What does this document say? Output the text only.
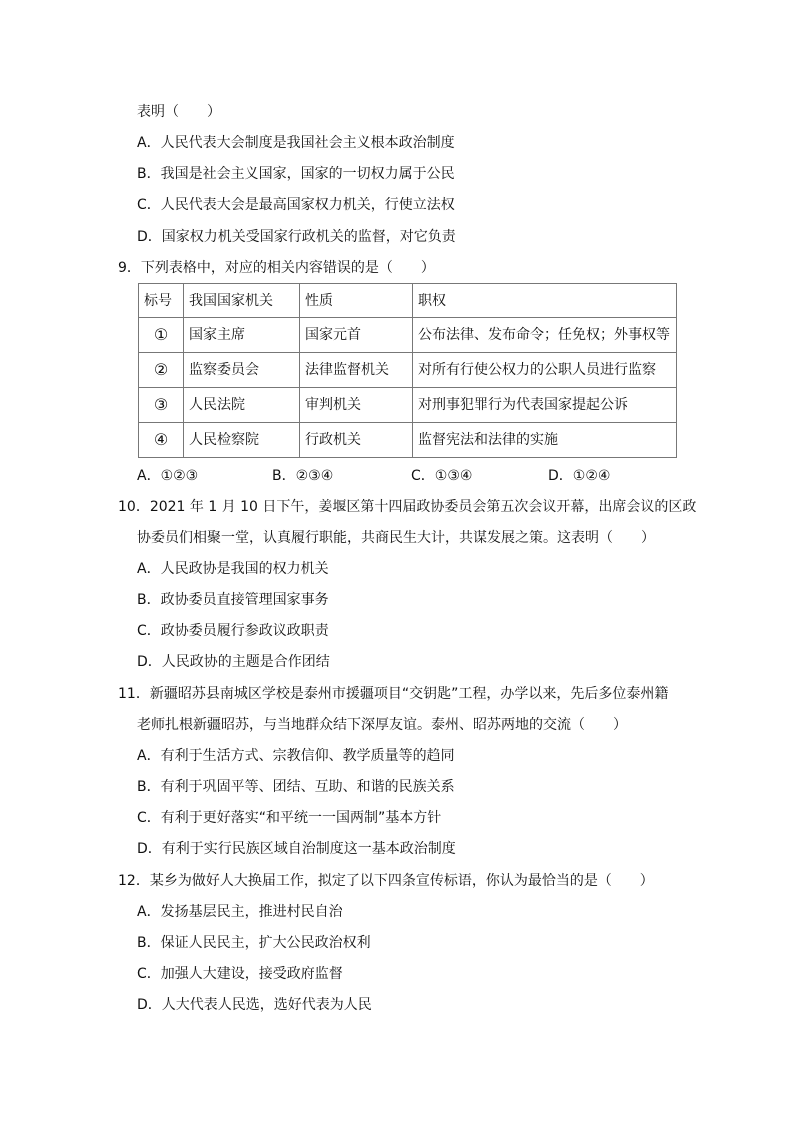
表明（　　）
A．人民代表大会制度是我国社会主义根本政治制度
B．我国是社会主义国家，国家的一切权力属于公民
C．人民代表大会是最高国家权力机关，行使立法权
D．国家权力机关受国家行政机关的监督，对它负责
9．下列表格中，对应的相关内容错误的是（　　）
标号	我国国家机关	性质	职权
①	国家主席	国家元首	公布法律、发布命令；任免权；外事权等
②	监察委员会	法律监督机关	对所有行使公权力的公职人员进行监察
③	人民法院	审判机关	对刑事犯罪行为代表国家提起公诉
④	人民检察院	行政机关	监督宪法和法律的实施
A．①②③	B．②③④	C．①③④	D．①②④
10．2021 年 1 月 10 日下午，姜堰区第十四届政协委员会第五次会议开幕，出席会议的区政
协委员们相聚一堂，认真履行职能，共商民生大计，共谋发展之策。这表明（　　）
A．人民政协是我国的权力机关
B．政协委员直接管理国家事务
C．政协委员履行参政议政职责
D．人民政协的主题是合作团结
11．新疆昭苏县南城区学校是泰州市援疆项目“交钥匙”工程，办学以来，先后多位泰州籍
老师扎根新疆昭苏，与当地群众结下深厚友谊。泰州、昭苏两地的交流（　　）
A．有利于生活方式、宗教信仰、教学质量等的趋同
B．有利于巩固平等、团结、互助、和谐的民族关系
C．有利于更好落实“和平统一一国两制”基本方针
D．有利于实行民族区域自治制度这一基本政治制度
12．某乡为做好人大换届工作，拟定了以下四条宣传标语，你认为最恰当的是（　　）
A．发扬基层民主，推进村民自治
B．保证人民民主，扩大公民政治权利
C．加强人大建设，接受政府监督
D．人大代表人民选，选好代表为人民
